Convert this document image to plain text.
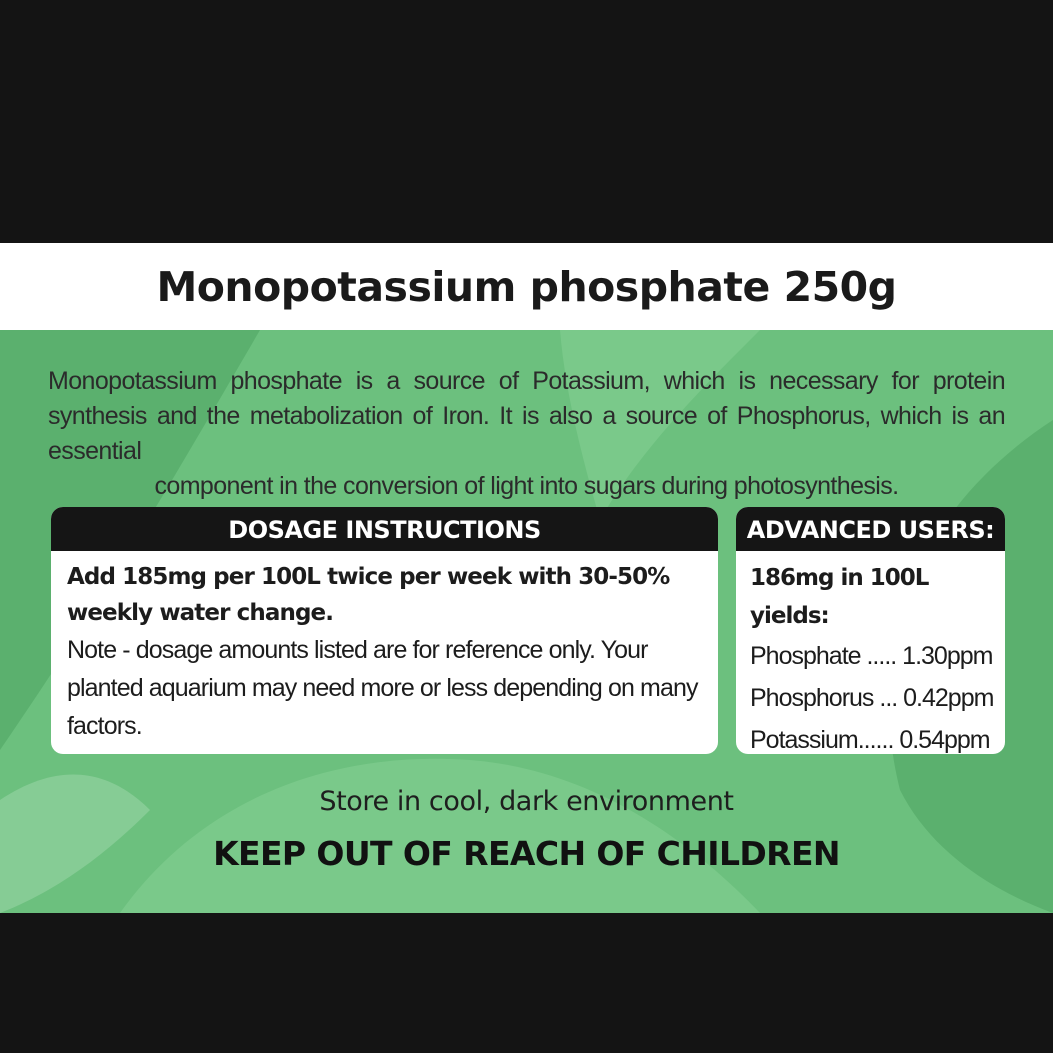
Monopotassium phosphate 250g
Monopotassium phosphate is a source of Potassium, which is necessary for protein synthesis and the metabolization of Iron. It is also a source of Phosphorus, which is an essential
component in the conversion of light into sugars during photosynthesis.
DOSAGE INSTRUCTIONS
Add 185mg per 100L twice per week with 30-50% weekly water change.
Note - dosage amounts listed are for reference only. Your planted aquarium may need more or less depending on many factors.
ADVANCED USERS:
186mg in 100L yields:
Phosphate ..... 1.30ppm
Phosphorus ... 0.42ppm
Potassium...... 0.54ppm
Store in cool, dark environment
KEEP OUT OF REACH OF CHILDREN
